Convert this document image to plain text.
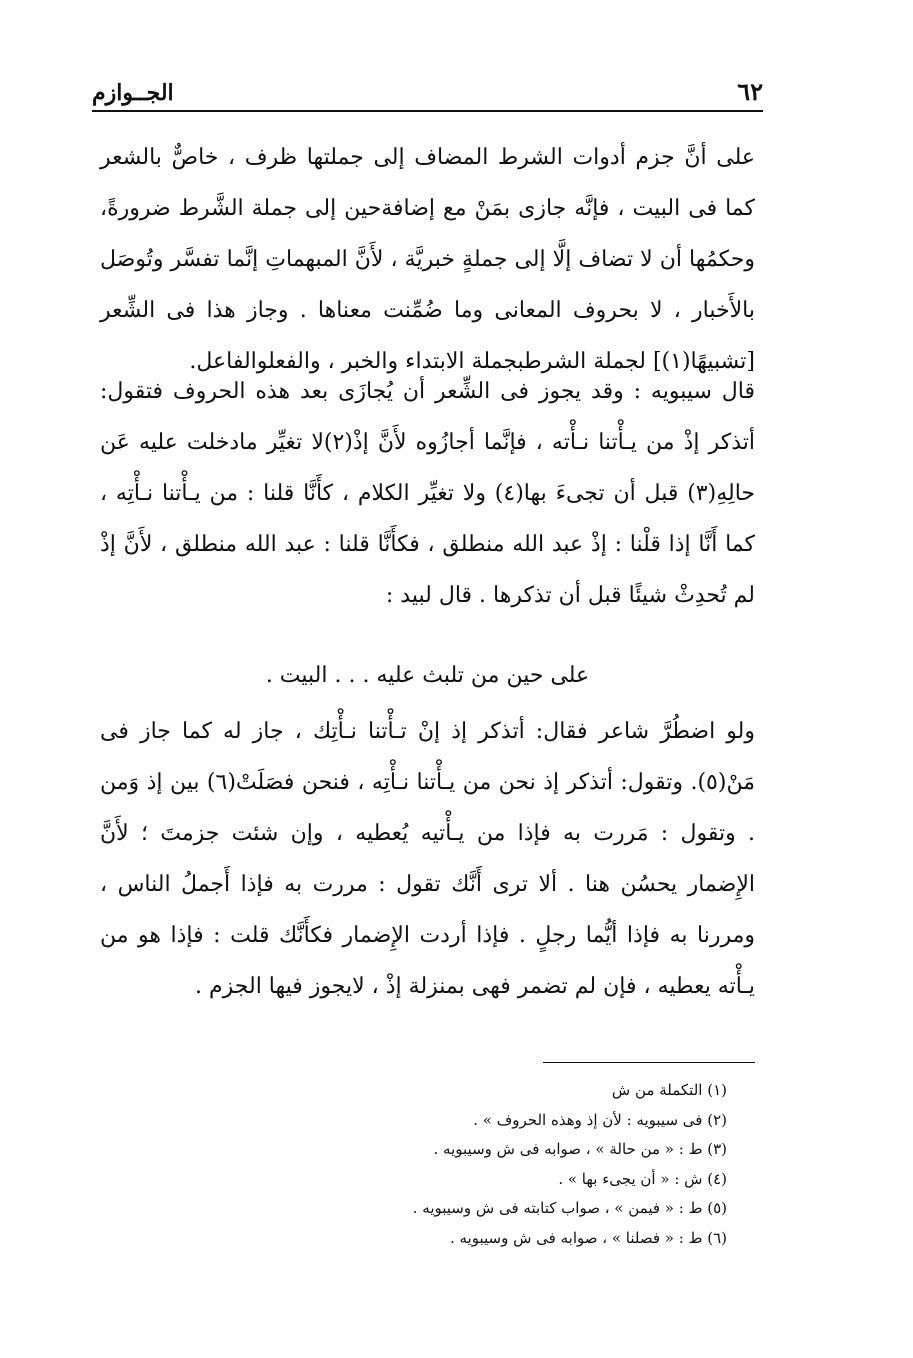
٦٢
الجــوازم

على أنَّ جزم أدوات الشرط المضاف إلى جملتها ظرف ، خاصٌّ بالشعر كما فى البيت ، فإنَّه جازى بمَنْ مع إضافةحين إلى جملة الشَّرط ضرورةً، وحكمُها أن لا تضاف إلَّا إلى جملةٍ خبريَّة ، لأَنَّ المبهماتِ إنَّما تفسَّر وتُوصَل بالأَخبار ، لا بحروف المعانى وما ضُمِّنت معناها . وجاز هذا فى الشِّعر [تشبيهًا(١)] لجملة الشرطبجملة الابتداء والخبر ، والفعلوالفاعل.

قال سيبويه : وقد يجوز فى الشِّعر أن يُجازَى بعد هذه الحروف فتقول: أتذكر إذْ من يـأْتنا نـأْته ، فإنَّما أجازُوه لأَنَّ إذْ(٢)لا تغيِّر مادخلت عليه عَن حالِهِ(٣) قبل أن تجىءَ بها(٤) ولا تغيِّر الكلام ، كأَنَّا قلنا : من يـأْتنا نـأْتِه ، كما أَنَّا إذا قلْنا : إذْ عبد الله منطلق ، فكأَنَّا قلنا : عبد الله منطلق ، لأَنَّ إذْ لم تُحدِثْ شيئًا قبل أن تذكرها . قال لبيد :

على حين من تلبث عليه . . . البيت .

ولو اضطُرَّ شاعر فقال: أتذكر إذ إنْ تـأْتنا نـأْتِك ، جاز له كما جاز فى مَنْ(٥). وتقول: أتذكر إذ نحن من يـأْتنا نـأْتِه ، فنحن فصَلَتْ(٦) بين إذ وَمن . وتقول : مَررت به فإذا من يـأْتيه يُعطيه ، وإن شئت جزمتَ ؛ لأَنَّ الإِضمار يحسُن هنا . ألا ترى أَنَّك تقول : مررت به فإذا أَجملُ الناس ، ومررنا به فإذا أيُّما رجلٍ . فإذا أردت الإِضمار فكأَنَّك قلت : فإذا هو من يـأْته يعطيه ، فإن لم تضمر فهى بمنزلة إذْ ، لايجوز فيها الجزم .

(١) التكملة من ش
(٢) فى سيبويه : لأن إذ وهذه الحروف » .
(٣) ط : « من حالة » ، صوابه فى ش وسيبويه .
(٤) ش : « أن يجىء بها » .
(٥) ط : « فيمن » ، صواب كتابته فى ش وسيبويه .
(٦) ط : « فصلنا » ، صوابه فى ش وسيبويه .
